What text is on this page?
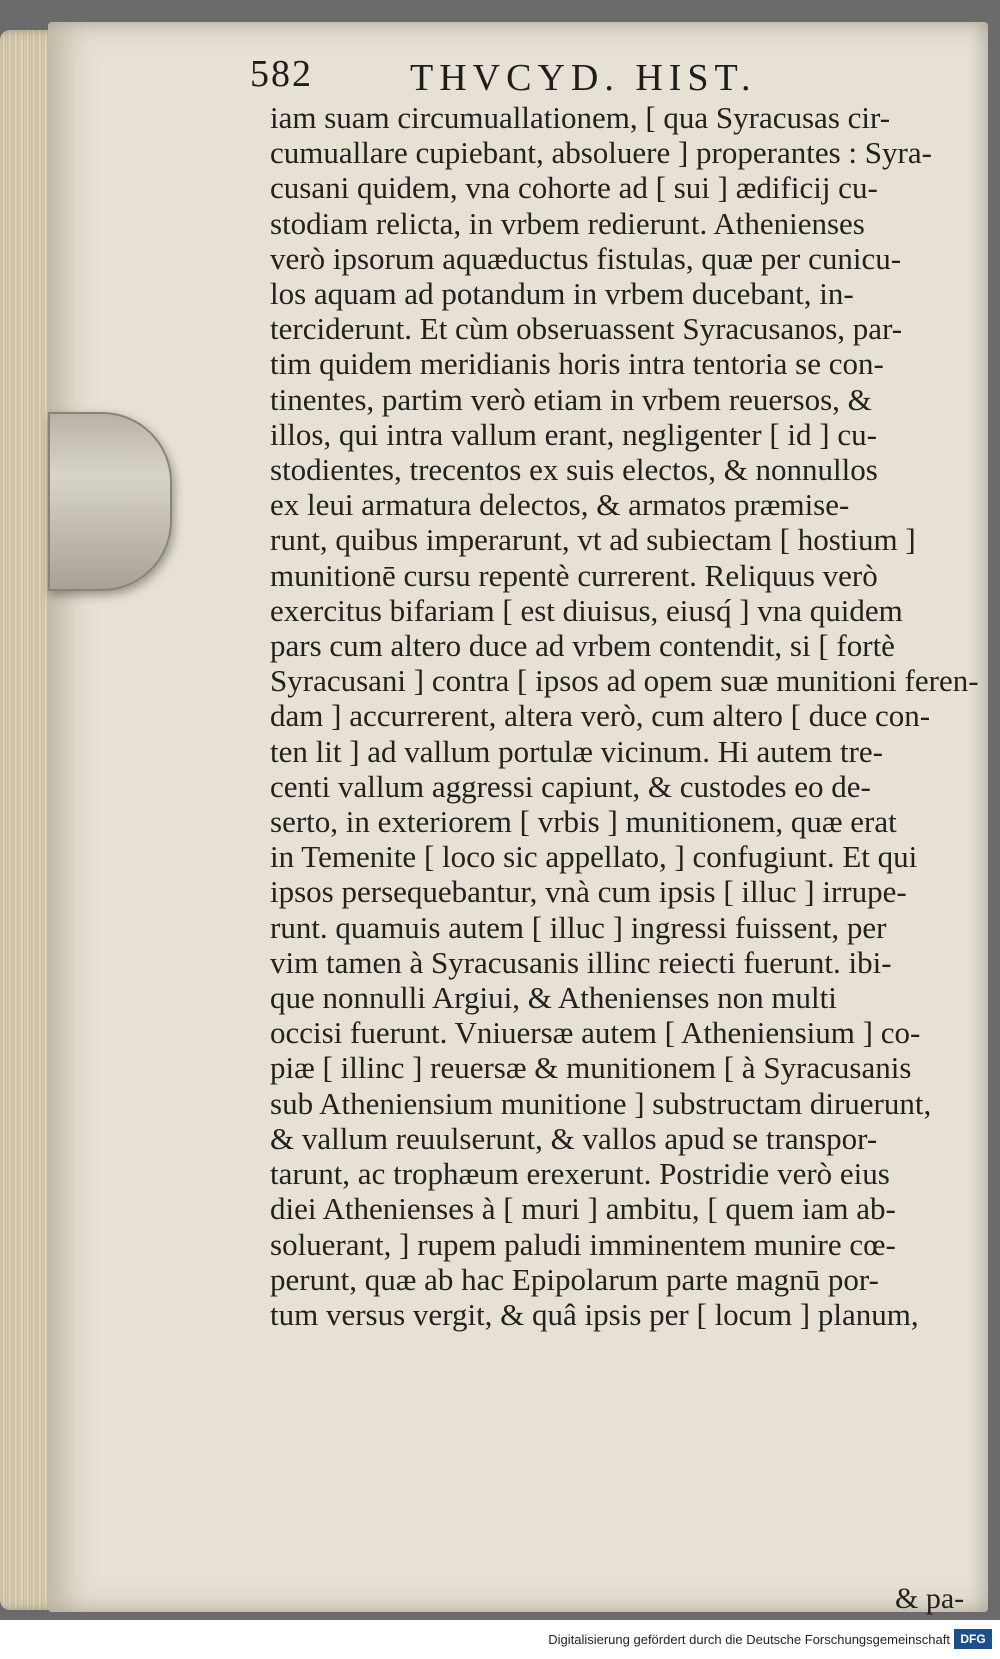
582	THVCYD. HIST.
iam suam circumuallationem, [ qua Syracusas cir-
cumuallare cupiebant, absoluere ] properantes : Syra-
cusani quidem, vna cohorte ad [ sui ] ædificij cu-
stodiam relicta, in vrbem redierunt. Athenienses
verò ipsorum aquæductus fistulas, quæ per cunicu-
los aquam ad potandum in vrbem ducebant, in-
terciderunt. Et cùm obseruassent Syracusanos, par-
tim quidem meridianis horis intra tentoria se con-
tinentes, partim verò etiam in vrbem reuersos, &
illos, qui intra vallum erant, negligenter [ id ] cu-
stodientes, trecentos ex suis electos, & nonnullos
ex leui armatura delectos, & armatos præmise-
runt, quibus imperarunt, vt ad subiectam [ hostium ]
munitionē cursu repentè currerent. Reliquus verò
exercitus bifariam [ est diuisus, eiusq́ ] vna quidem
pars cum altero duce ad vrbem contendit, si [ fortè
Syracusani ] contra [ ipsos ad opem suæ munitioni feren-
dam ] accurrerent, altera verò, cum altero [ duce con-
ten lit ] ad vallum portulæ vicinum. Hi autem tre-
centi vallum aggressi capiunt, & custodes eo de-
serto, in exteriorem [ vrbis ] munitionem, quæ erat
in Temenite [ loco sic appellato, ] confugiunt. Et qui
ipsos persequebantur, vnà cum ipsis [ illuc ] irrupe-
runt. quamuis autem [ illuc ] ingressi fuissent, per
vim tamen à Syracusanis illinc reiecti fuerunt. ibi-
que nonnulli Argiui, & Athenienses non multi
occisi fuerunt. Vniuersæ autem [ Atheniensium ] co-
piæ [ illinc ] reuersæ & munitionem [ à Syracusanis
sub Atheniensium munitione ] substructam diruerunt,
& vallum reuulserunt, & vallos apud se transpor-
tarunt, ac trophæum erexerunt. Postridie verò eius
diei Athenienses à [ muri ] ambitu, [ quem iam ab-
soluerant, ] rupem paludi imminentem munire cœ-
perunt, quæ ab hac Epipolarum parte magnū por-
tum versus vergit, & quâ ipsis per [ locum ] planum,
& pa-
Digitalisierung gefördert durch die Deutsche Forschungsgemeinschaft DFG
